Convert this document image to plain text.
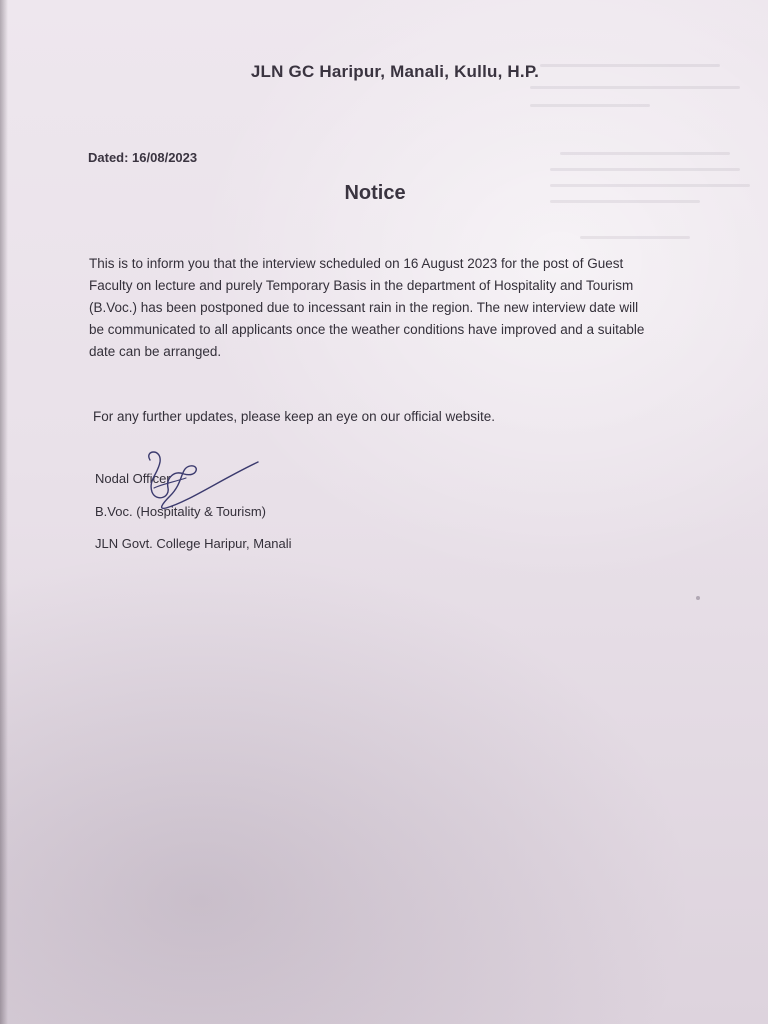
JLN GC Haripur, Manali, Kullu, H.P.
Dated: 16/08/2023
Notice
This is to inform you that the interview scheduled on 16 August 2023 for the post of Guest
Faculty on lecture and purely Temporary Basis in the department of Hospitality and Tourism
(B.Voc.) has been postponed due to incessant rain in the region. The new interview date will
be communicated to all applicants once the weather conditions have improved and a suitable
date can be arranged.
For any further updates, please keep an eye on our official website.
Nodal Officer
B.Voc. (Hospitality & Tourism)
JLN Govt. College Haripur, Manali
